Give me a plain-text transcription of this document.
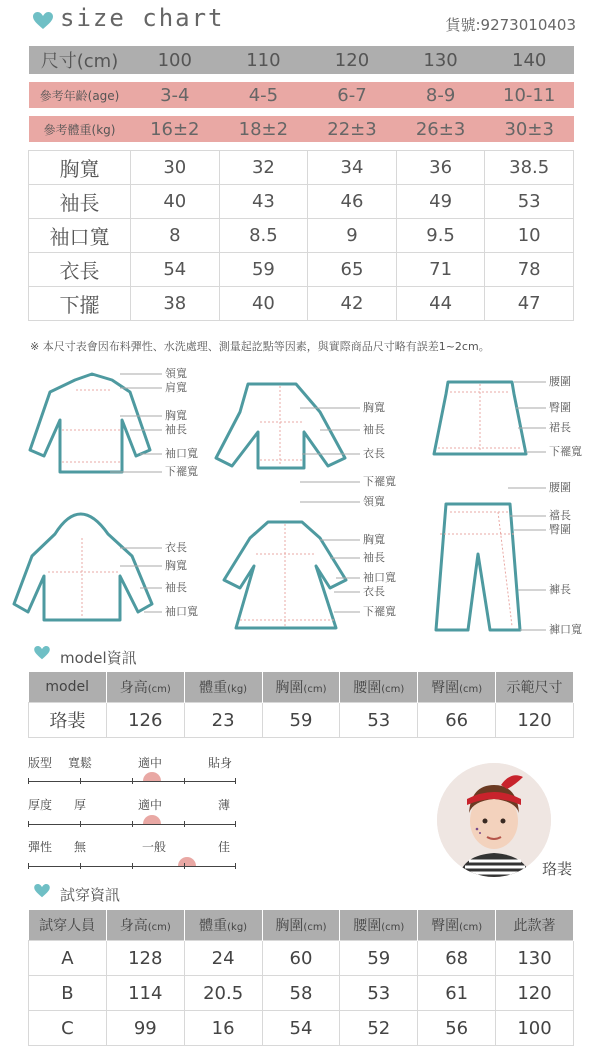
size chart	貨號:9273010403
尺寸(cm)	100	110	120	130	140

參考年齡(age)	3-4	4-5	6-7	8-9	10-11

參考體重(kg)	16±2	18±2	22±3	26±3	30±3

胸寬	30	32	34	36	38.5
袖長	40	43	46	49	53
袖口寬	8	8.5	9	9.5	10
衣長	54	59	65	71	78
下擺	38	40	42	44	47
※ 本尺寸表會因布料彈性、水洗處理、測量起訖點等因素，與實際商品尺寸略有誤差1~2cm。
領寬
肩寬
胸寬
袖長
袖口寬
下襬寬
胸寬
袖長
衣長
下襬寬
腰圍
臀圍
裙長
下襬寬
衣長
胸寬
袖長
袖口寬
領寬
胸寬
袖長
袖口寬
衣長
下襬寬
腰圍
襠長
臀圍
褲長
褲口寬
model資訊
model	身高(cm)	體重(kg)	胸圍(cm)	腰圍(cm)	臀圍(cm)	示範尺寸
珞裴	126	23	59	53	66	120
版型 寬鬆	適中	貼身
厚度 厚	適中	薄
彈性 無	一般	佳
珞裴
試穿資訊
試穿人員	身高(cm)	體重(kg)	胸圍(cm)	腰圍(cm)	臀圍(cm)	此款著
A	128	24	60	59	68	130
B	114	20.5	58	53	61	120
C	99	16	54	52	56	100
